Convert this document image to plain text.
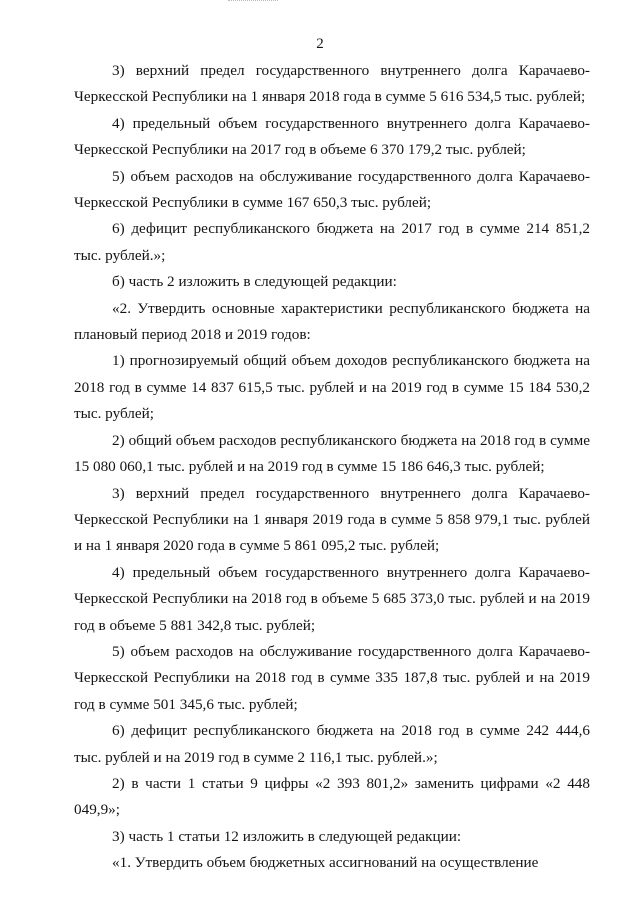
2

3) верхний предел государственного внутреннего долга Карачаево-Черкесской Республики на 1 января 2018 года в сумме 5 616 534,5 тыс. рублей;

4) предельный объем государственного внутреннего долга Карачаево-Черкесской Республики на 2017 год в объеме 6 370 179,2 тыс. рублей;

5) объем расходов на обслуживание государственного долга Карачаево-Черкесской Республики в сумме 167 650,3 тыс. рублей;

6) дефицит республиканского бюджета на 2017 год в сумме 214 851,2 тыс. рублей.»;

б) часть 2 изложить в следующей редакции:

«2. Утвердить основные характеристики республиканского бюджета на плановый период 2018 и 2019 годов:

1) прогнозируемый общий объем доходов республиканского бюджета на 2018 год в сумме 14 837 615,5 тыс. рублей и на 2019 год в сумме 15 184 530,2 тыс. рублей;

2) общий объем расходов республиканского бюджета на 2018 год в сумме 15 080 060,1 тыс. рублей и на 2019 год в сумме 15 186 646,3 тыс. рублей;

3) верхний предел государственного внутреннего долга Карачаево-Черкесской Республики на 1 января 2019 года в сумме 5 858 979,1 тыс. рублей и на 1 января 2020 года в сумме 5 861 095,2 тыс. рублей;

4) предельный объем государственного внутреннего долга Карачаево-Черкесской Республики на 2018 год в объеме 5 685 373,0 тыс. рублей и на 2019 год в объеме 5 881 342,8 тыс. рублей;

5) объем расходов на обслуживание государственного долга Карачаево-Черкесской Республики на 2018 год в сумме 335 187,8 тыс. рублей и на 2019 год в сумме 501 345,6 тыс. рублей;

6) дефицит республиканского бюджета на 2018 год в сумме 242 444,6 тыс. рублей и на 2019 год в сумме 2 116,1 тыс. рублей.»;

2) в части 1 статьи 9 цифры «2 393 801,2» заменить цифрами «2 448 049,9»;

3) часть 1 статьи 12 изложить в следующей редакции:

«1. Утвердить объем бюджетных ассигнований на осуществление
